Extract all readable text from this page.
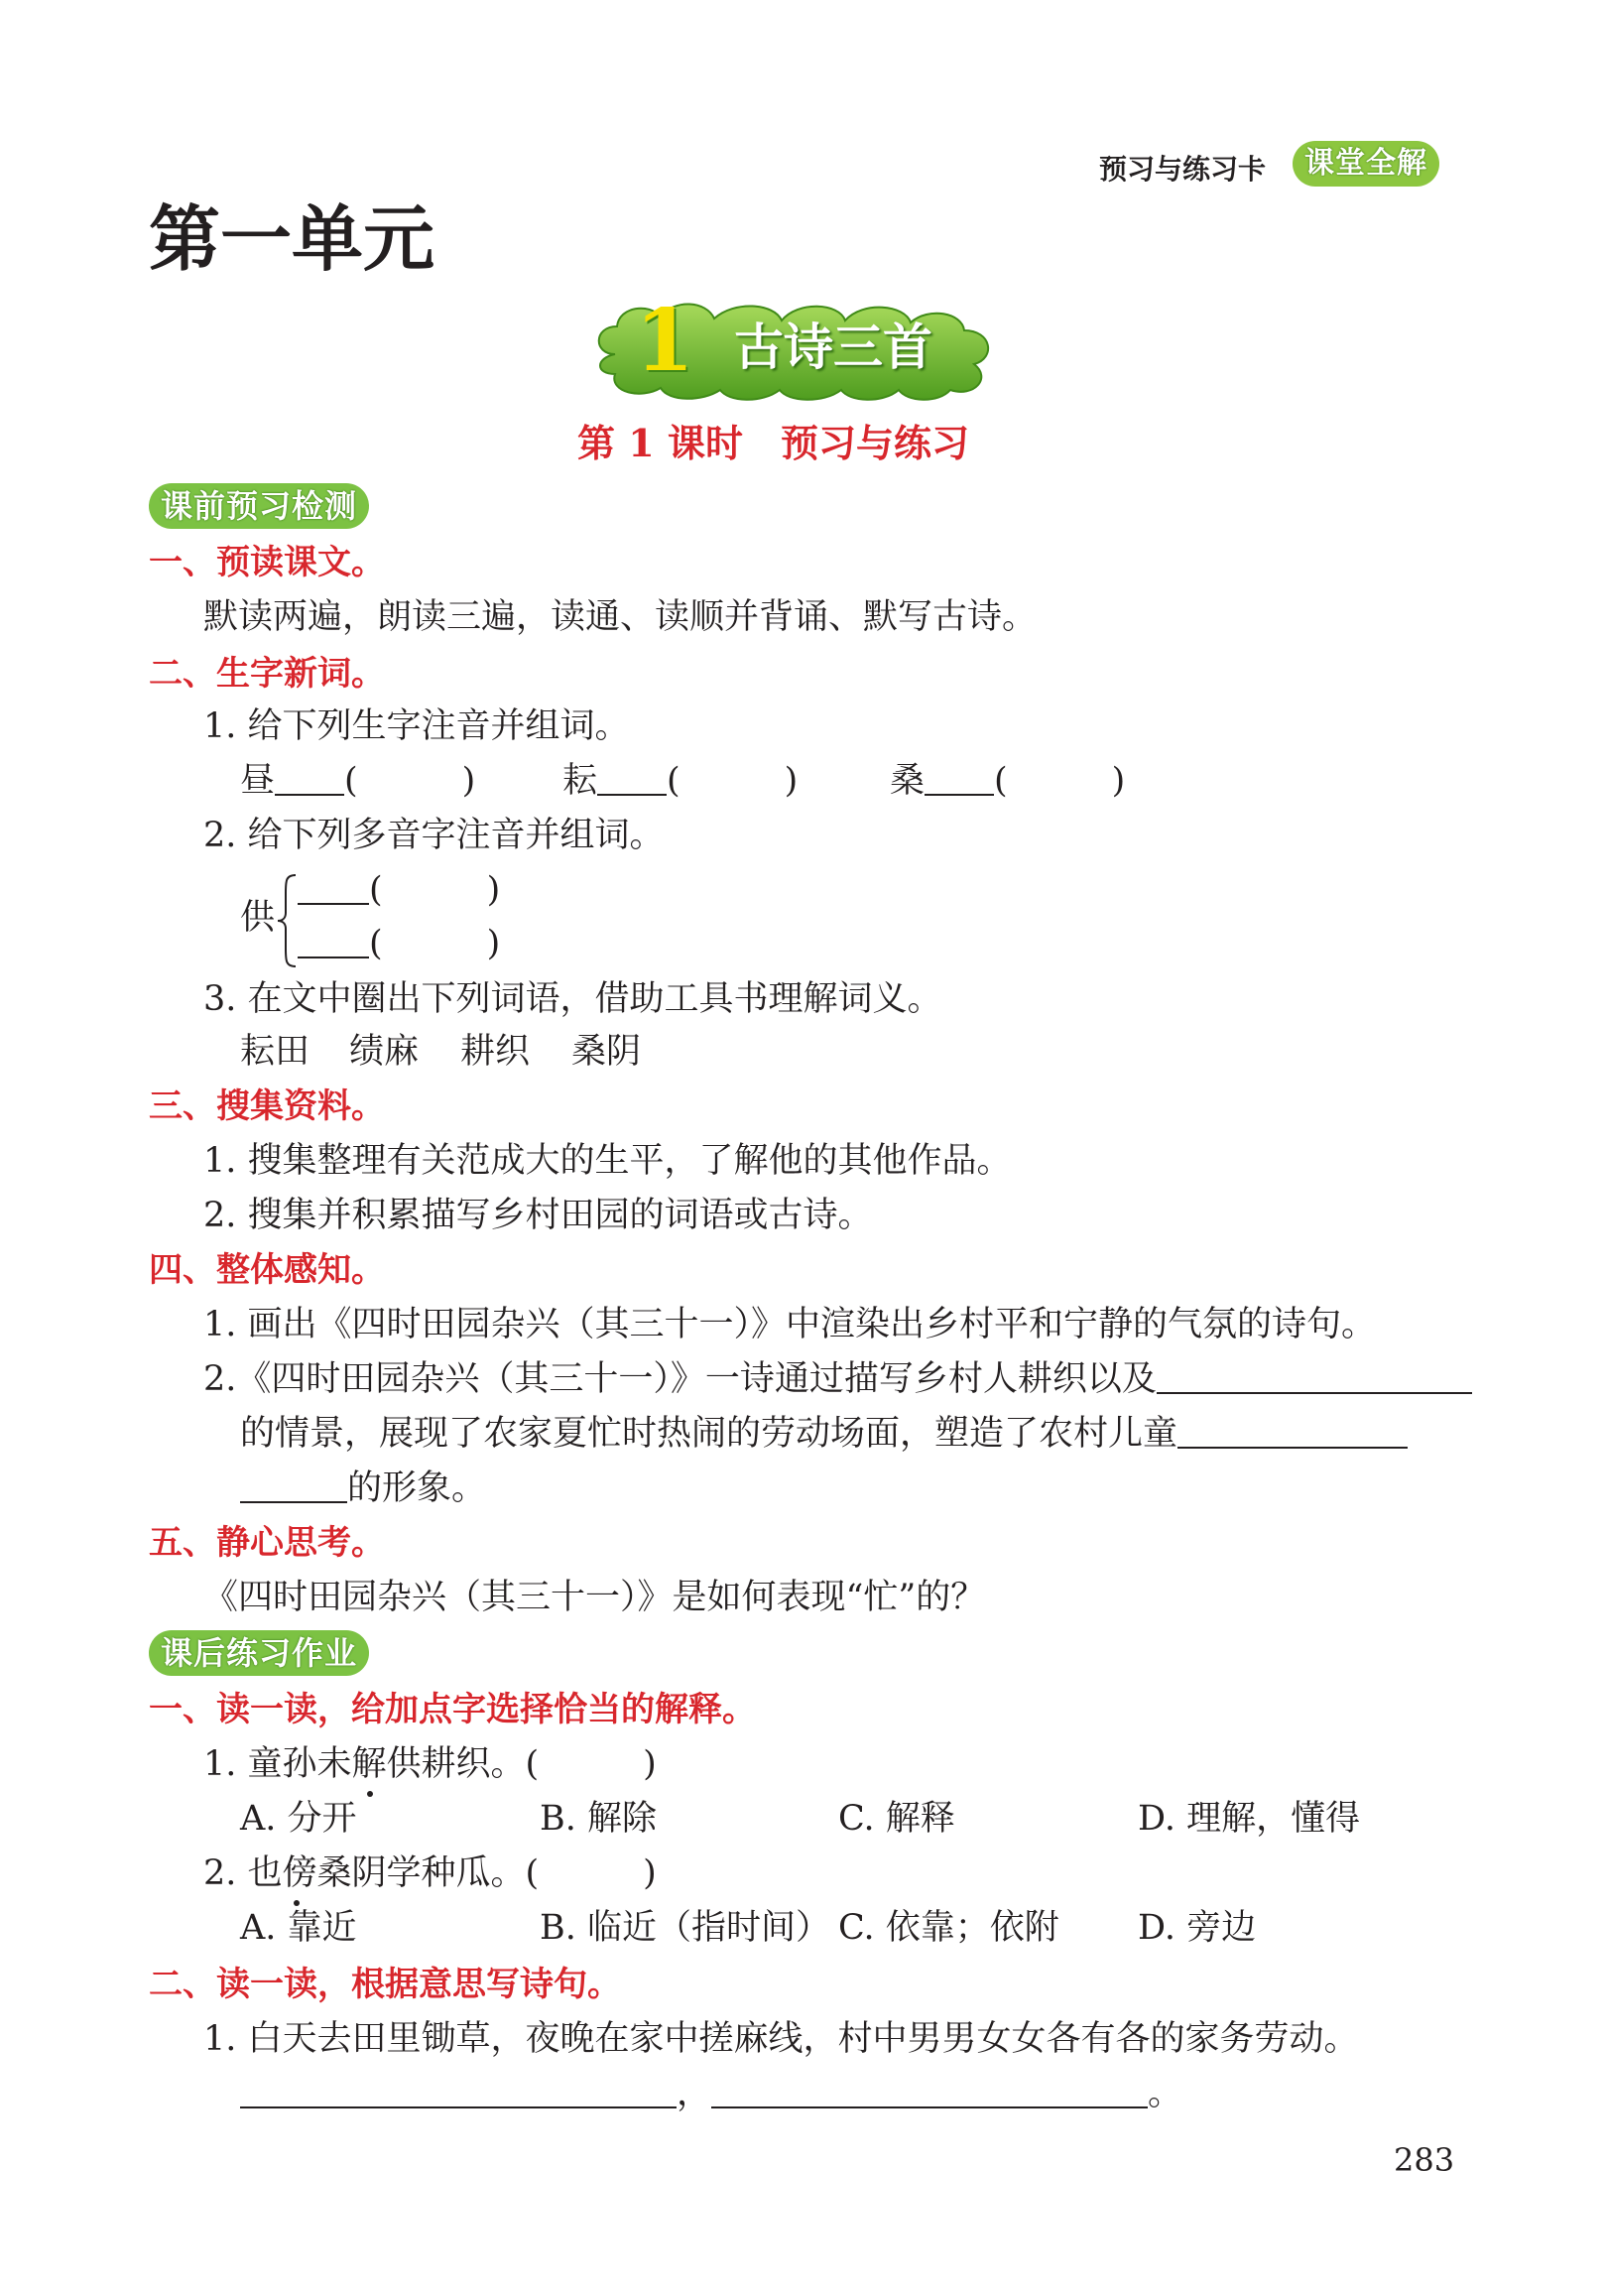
预习与练习卡	课堂全解
第一单元
1 古诗三首
第 1 课时　预习与练习
课前预习检测
一、预读课文。
默读两遍，朗读三遍，读通、读顺并背诵、默写古诗。
二、生字新词。
1. 给下列生字注音并组词。
昼 (　　　)	耘 (　　　)	桑 (　　　)
2. 给下列多音字注音并组词。
供
(　　　)
(　　　)
3. 在文中圈出下列词语，借助工具书理解词义。
耘田 绩麻 耕织 桑阴
三、搜集资料。
1. 搜集整理有关范成大的生平，了解他的其他作品。
2. 搜集并积累描写乡村田园的词语或古诗。
四、整体感知。
1. 画出《四时田园杂兴（其三十一）》中渲染出乡村平和宁静的气氛的诗句。
2.《四时田园杂兴（其三十一）》一诗通过描写乡村人耕织以及
的情景，展现了农家夏忙时热闹的劳动场面，塑造了农村儿童
的形象。
五、静心思考。
《四时田园杂兴（其三十一）》是如何表现“忙”的？
课后练习作业
一、读一读，给加点字选择恰当的解释。
1. 童孙未解供耕织。(　　　)
A. 分开	B. 解除	C. 解释	D. 理解，懂得
2. 也傍桑阴学种瓜。(　　　)
A. 靠近	B. 临近（指时间） C. 依靠；依附 D. 旁边
二、读一读，根据意思写诗句。
1. 白天去田里锄草，夜晚在家中搓麻线，村中男男女女各有各的家务劳动。
，	。
283
